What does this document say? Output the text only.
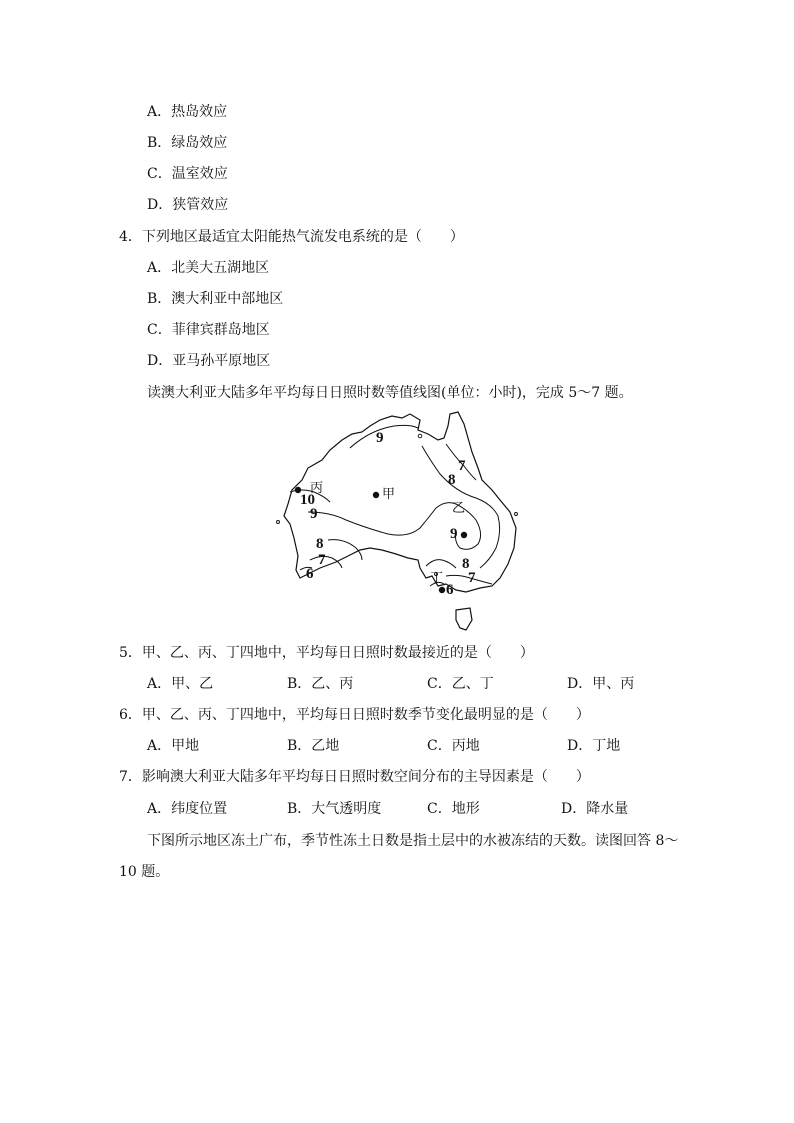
A．热岛效应
B．绿岛效应
C．温室效应
D．狭管效应
4．下列地区最适宜太阳能热气流发电系统的是（　　）
A．北美大五湖地区
B．澳大利亚中部地区
C．菲律宾群岛地区
D．亚马孙平原地区
读澳大利亚大陆多年平均每日日照时数等值线图(单位：小时)，完成 5～7 题。
9
7
8
10
9
9
8
7
6
8
7
6
甲
乙
丙
丁
5．甲、乙、丙、丁四地中，平均每日日照时数最接近的是（　　）
A．甲、乙	B．乙、丙	C．乙、丁	D．甲、丙
6．甲、乙、丙、丁四地中，平均每日日照时数季节变化最明显的是（　　）
A．甲地	B．乙地	C．丙地	D．丁地
7．影响澳大利亚大陆多年平均每日日照时数空间分布的主导因素是（　　）
A．纬度位置	B．大气透明度	C．地形	D．降水量
下图所示地区冻土广布，季节性冻土日数是指土层中的水被冻结的天数。读图回答 8～
10 题。
